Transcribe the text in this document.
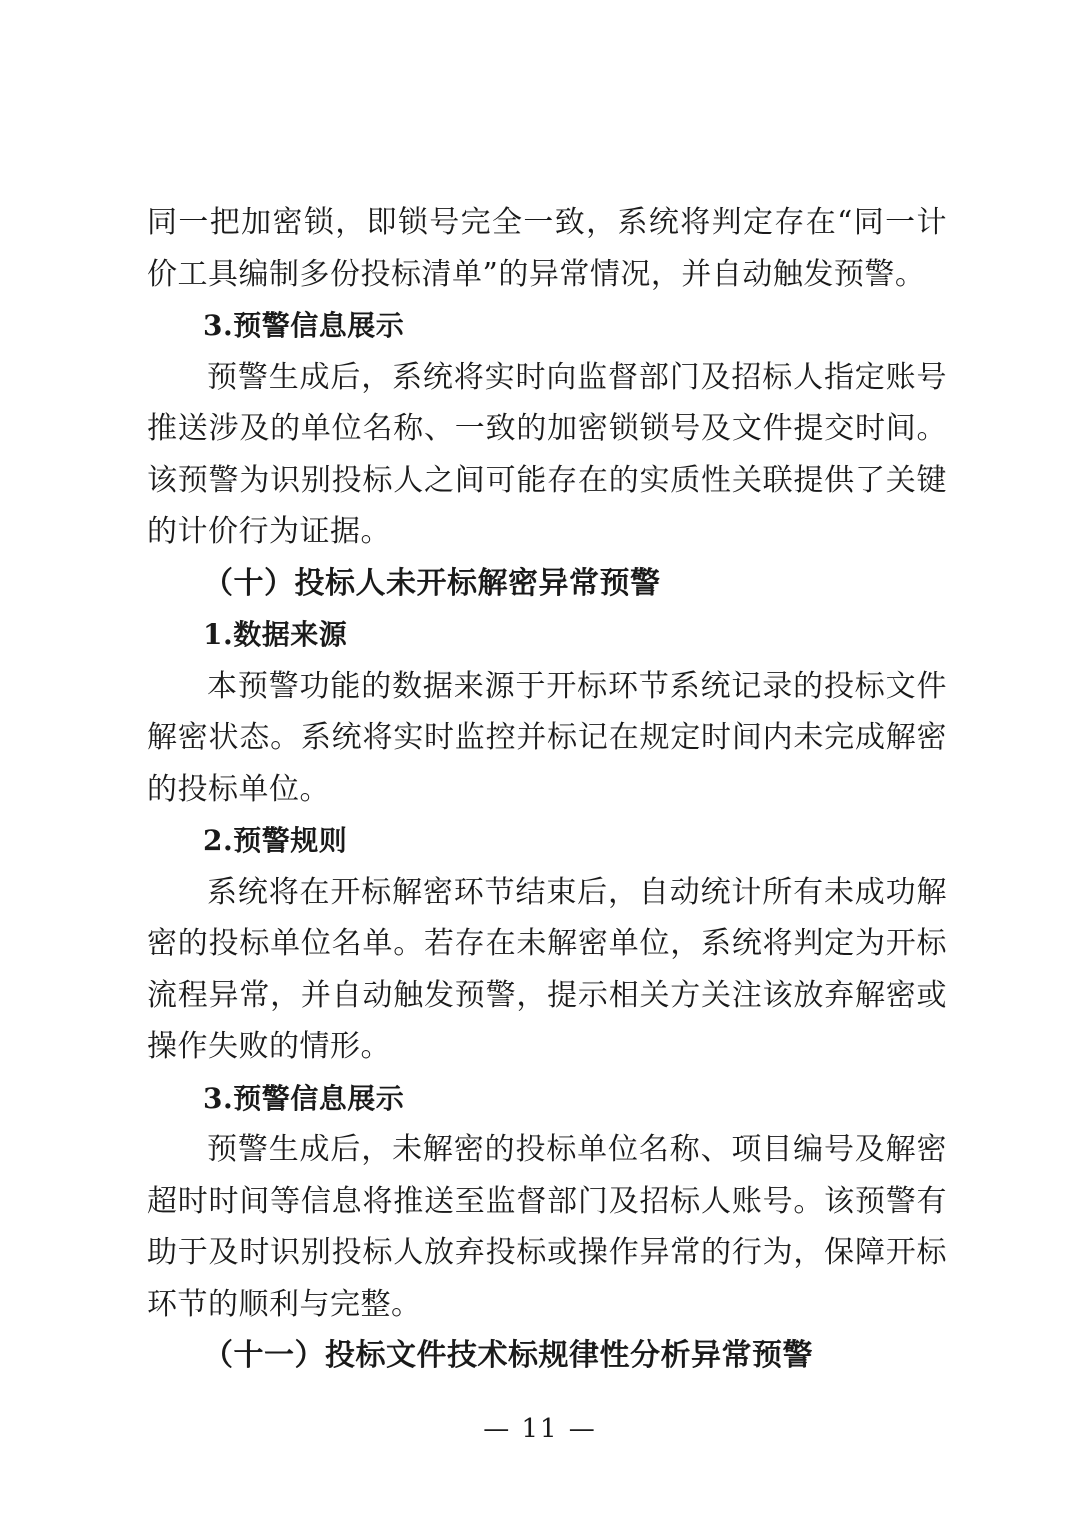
同一把加密锁，即锁号完全一致，系统将判定存在“同一计价工具编制多份投标清单”的异常情况，并自动触发预警。

3.预警信息展示

预警生成后，系统将实时向监督部门及招标人指定账号推送涉及的单位名称、一致的加密锁锁号及文件提交时间。该预警为识别投标人之间可能存在的实质性关联提供了关键的计价行为证据。

（十）投标人未开标解密异常预警

1.数据来源

本预警功能的数据来源于开标环节系统记录的投标文件解密状态。系统将实时监控并标记在规定时间内未完成解密的投标单位。

2.预警规则

系统将在开标解密环节结束后，自动统计所有未成功解密的投标单位名单。若存在未解密单位，系统将判定为开标流程异常，并自动触发预警，提示相关方关注该放弃解密或操作失败的情形。

3.预警信息展示

预警生成后，未解密的投标单位名称、项目编号及解密超时时间等信息将推送至监督部门及招标人账号。该预警有助于及时识别投标人放弃投标或操作异常的行为，保障开标环节的顺利与完整。

（十一）投标文件技术标规律性分析异常预警

— 11 —
